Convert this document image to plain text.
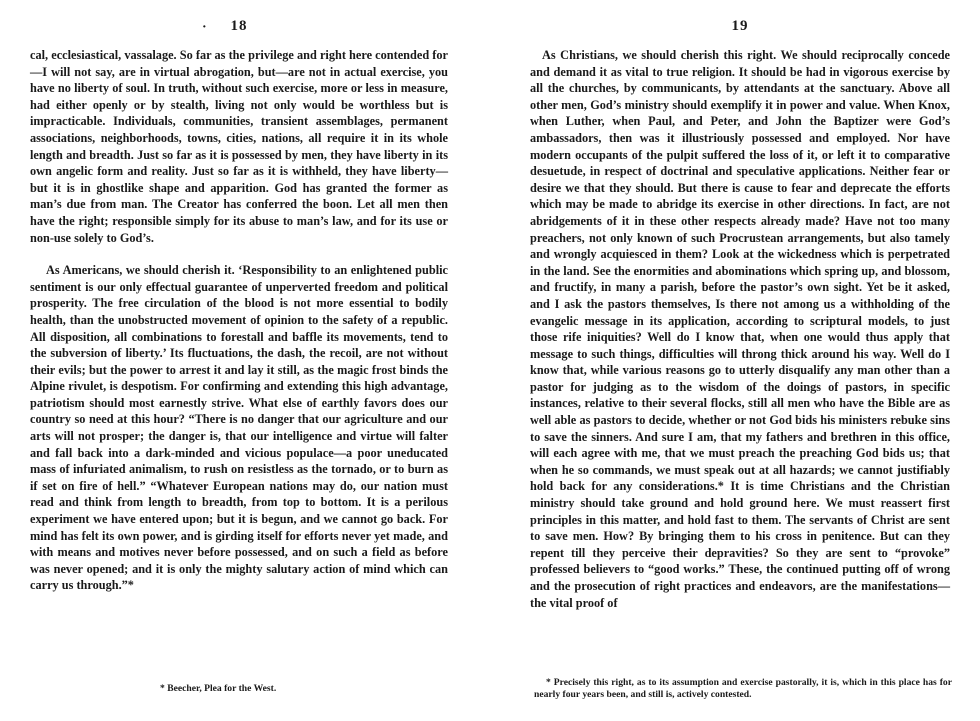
·	18

cal, ecclesiastical, vassalage. So far as the privilege and right here contended for—I will not say, are in virtual abrogation, but—are not in actual exercise, you have no liberty of soul. In truth, without such exercise, more or less in measure, had either openly or by stealth, living not only would be worthless but is impracticable. Individuals, communities, transient assemblages, permanent associations, neighborhoods, towns, cities, nations, all require it in its whole length and breadth. Just so far as it is possessed by men, they have liberty in its own angelic form and reality. Just so far as it is withheld, they have liberty—but it is in ghostlike shape and apparition. God has granted the former as man’s due from man. The Creator has conferred the boon. Let all men then have the right; responsible simply for its abuse to man’s law, and for its use or non-use solely to God’s.

As Americans, we should cherish it. ‘Responsibility to an enlightened public sentiment is our only effectual guarantee of unperverted freedom and political prosperity. The free circulation of the blood is not more essential to bodily health, than the unobstructed movement of opinion to the safety of a republic. All disposition, all combinations to forestall and baffle its movements, tend to the subversion of liberty.’ Its fluctuations, the dash, the recoil, are not without their evils; but the power to arrest it and lay it still, as the magic frost binds the Alpine rivulet, is despotism. For confirming and extending this high advantage, patriotism should most earnestly strive. What else of earthly favors does our country so need at this hour? “There is no danger that our agriculture and our arts will not prosper; the danger is, that our intelligence and virtue will falter and fall back into a dark-minded and vicious populace—a poor uneducated mass of infuriated animalism, to rush on resistless as the tornado, or to burn as if set on fire of hell.” “Whatever European nations may do, our nation must read and think from length to breadth, from top to bottom. It is a perilous experiment we have entered upon; but it is begun, and we cannot go back. For mind has felt its own power, and is girding itself for efforts never yet made, and with means and motives never before possessed, and on such a field as before was never opened; and it is only the mighty salutary action of mind which can carry us through.”*

* Beecher, Plea for the West.
19

As Christians, we should cherish this right. We should reciprocally concede and demand it as vital to true religion. It should be had in vigorous exercise by all the churches, by communicants, by attendants at the sanctuary. Above all other men, God’s ministry should exemplify it in power and value. When Knox, when Luther, when Paul, and Peter, and John the Baptizer were God’s ambassadors, then was it illustriously possessed and employed. Nor have modern occupants of the pulpit suffered the loss of it, or left it to comparative desuetude, in respect of doctrinal and speculative applications. Neither fear or desire we that they should. But there is cause to fear and deprecate the efforts which may be made to abridge its exercise in other directions. In fact, are not abridgements of it in these other respects already made? Have not too many preachers, not only known of such Procrustean arrangements, but also tamely and wrongly acquiesced in them? Look at the wickedness which is perpetrated in the land. See the enormities and abominations which spring up, and blossom, and fructify, in many a parish, before the pastor’s own sight. Yet be it asked, and I ask the pastors themselves, Is there not among us a withholding of the evangelic message in its application, according to scriptural models, to just those rife iniquities? Well do I know that, when one would thus apply that message to such things, difficulties will throng thick around his way. Well do I know that, while various reasons go to utterly disqualify any man other than a pastor for judging as to the wisdom of the doings of pastors, in specific instances, relative to their several flocks, still all men who have the Bible are as well able as pastors to decide, whether or not God bids his ministers rebuke sins to save the sinners. And sure I am, that my fathers and brethren in this office, will each agree with me, that we must preach the preaching God bids us; that when he so commands, we must speak out at all hazards; we cannot justifiably hold back for any considerations.* It is time Christians and the Christian ministry should take ground and hold ground here. We must reassert first principles in this matter, and hold fast to them. The servants of Christ are sent to save men. How? By bringing them to his cross in penitence. But can they repent till they perceive their depravities? So they are sent to “provoke” professed believers to “good works.” These, the continued putting off of wrong and the prosecution of right practices and endeavors, are the manifestations—the vital proof of

* Precisely this right, as to its assumption and exercise pastorally, it is, which in this place has for nearly four years been, and still is, actively contested.
